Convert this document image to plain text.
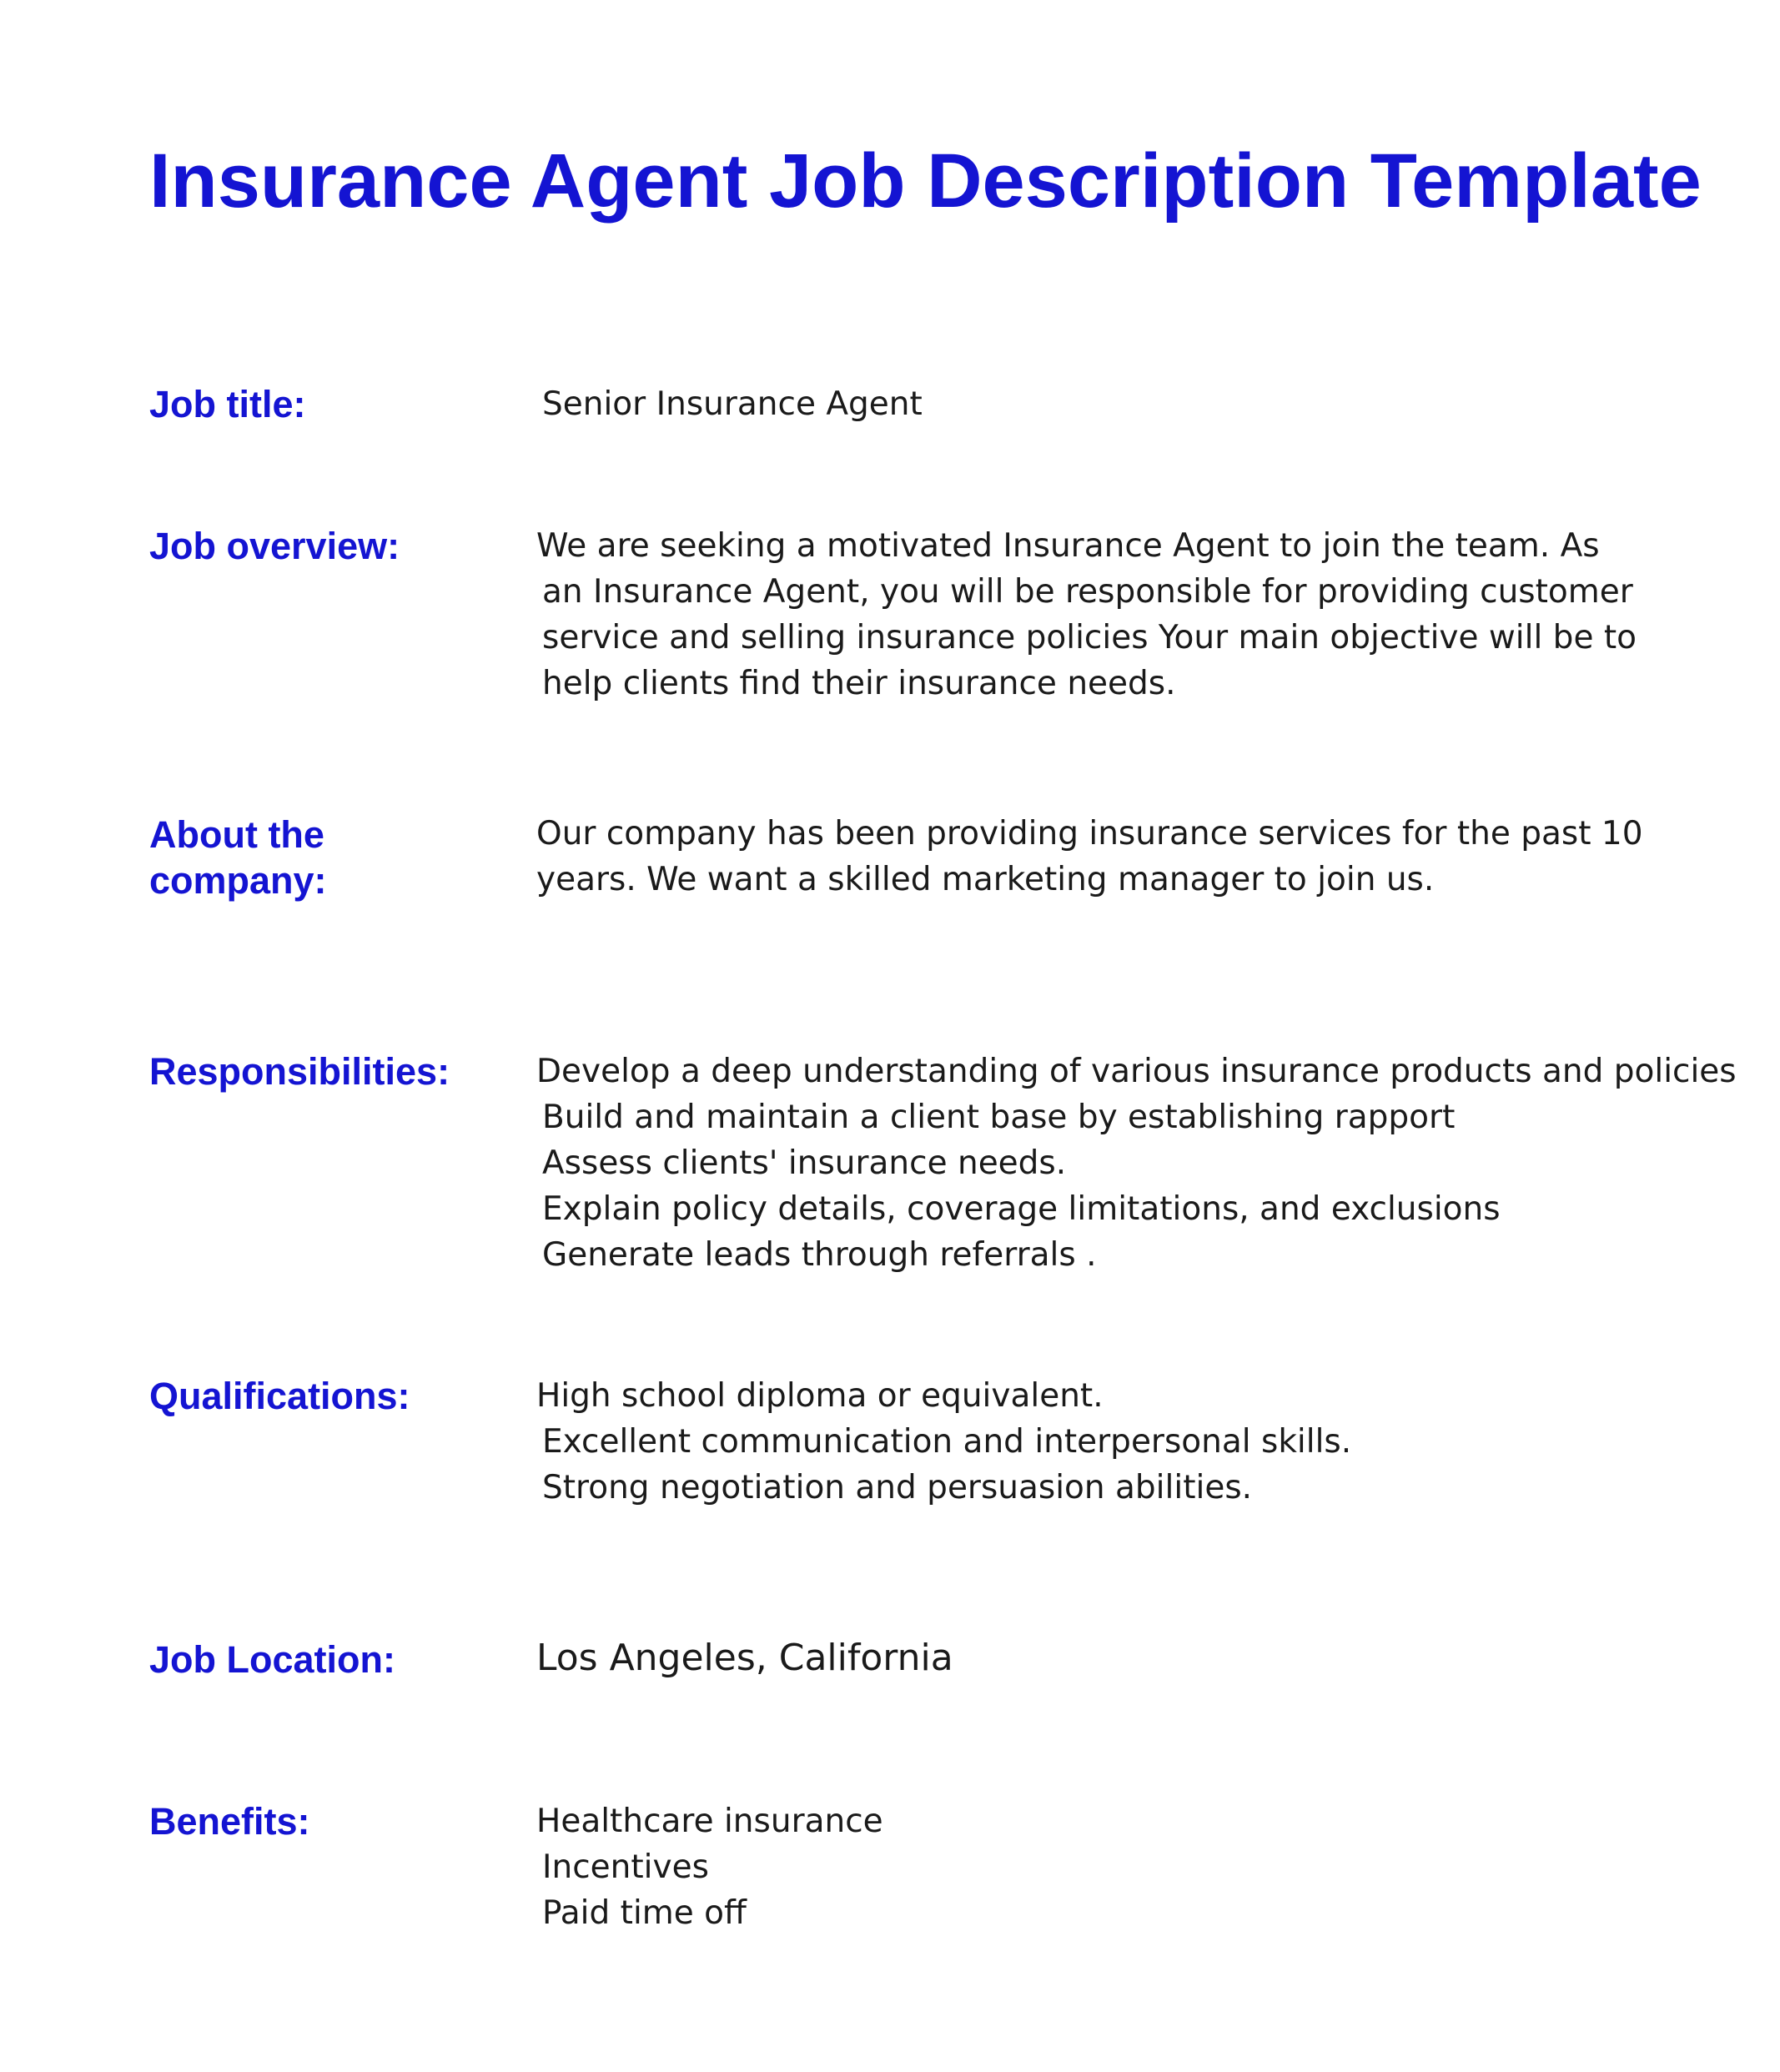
Insurance Agent Job Description Template
Job title:	Senior Insurance Agent

Job overview:	We are seeking a motivated Insurance Agent to join the team. As

an Insurance Agent, you will be responsible for providing customer

service and selling insurance policies Your main objective will be to

help clients find their insurance needs.

About the
company:

Our company has been providing insurance services for the past 10

years. We want a skilled marketing manager to join us.

Responsibilities:	Develop a deep understanding of various insurance products and policies
Build and maintain a client base by establishing rapport
Assess clients' insurance needs.
Explain policy details, coverage limitations, and exclusions
Generate leads through referrals .
Qualifications:	High school diploma or equivalent.
Excellent communication and interpersonal skills.
Strong negotiation and persuasion abilities.
Job Location:	Los Angeles, California

Benefits:	Healthcare insurance
Incentives
Paid time off
